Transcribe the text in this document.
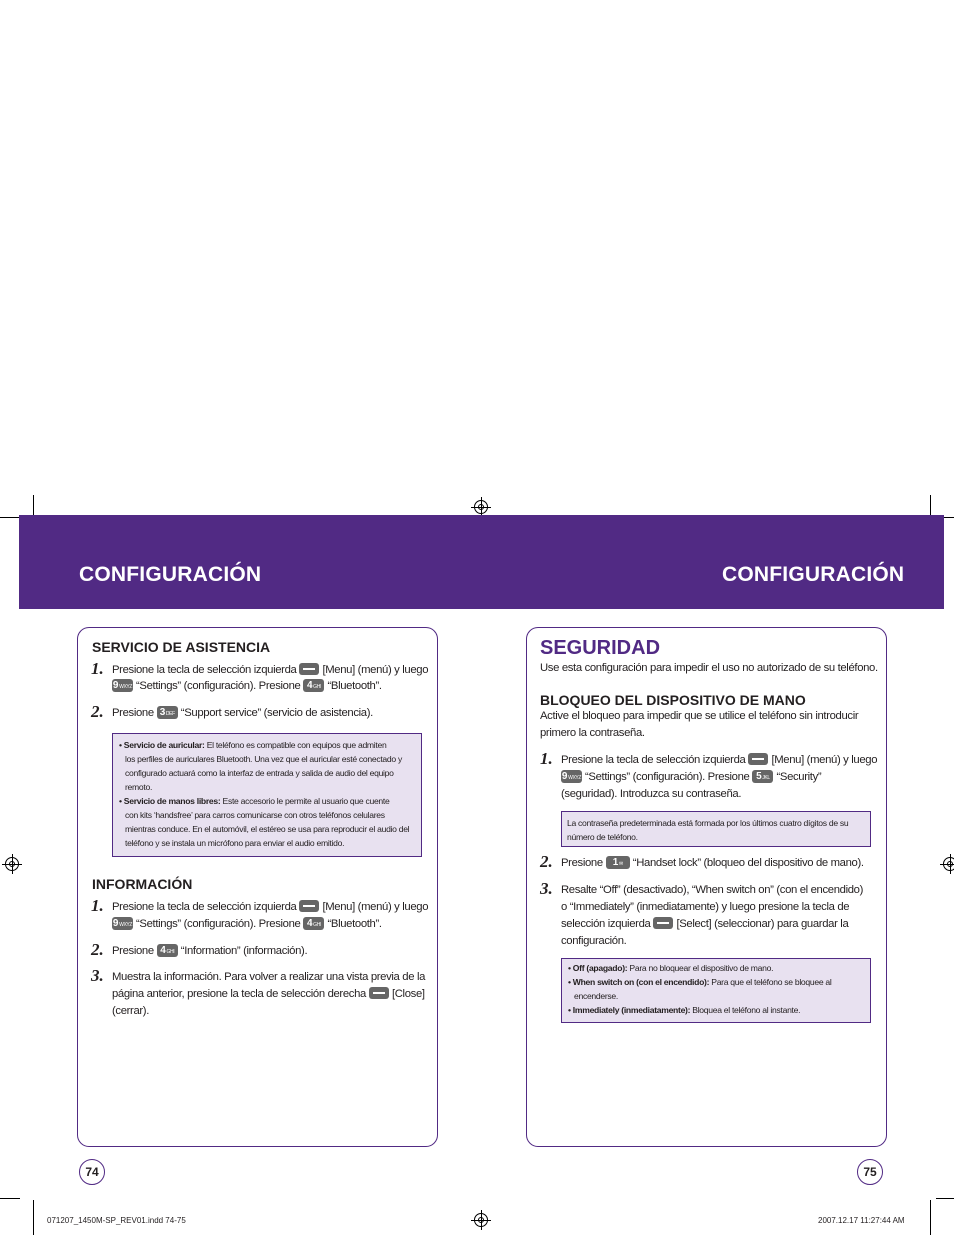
CONFIGURACIÓN	CONFIGURACIÓN
SERVICIO DE ASISTENCIA
1. Presione la tecla de selección izquierda [Menu] (menú) y luego
9WXYZ “Settings” (configuración). Presione 4GHI “Bluetooth”.
2. Presione 3DEF “Support service” (servicio de asistencia).
• Servicio de auricular: El teléfono es compatible con equipos que admiten
los perfiles de auriculares Bluetooth. Una vez que el auricular esté conectado y
configurado actuará como la interfaz de entrada y salida de audio del equipo
remoto.
• Servicio de manos libres: Este accesorio le permite al usuario que cuente
con kits ‘handsfree’ para carros comunicarse con otros teléfonos celulares
mientras conduce. En el automóvil, el estéreo se usa para reproducir el audio del
teléfono y se instala un micrófono para enviar el audio emitido.
INFORMACIÓN
1. Presione la tecla de selección izquierda [Menu] (menú) y luego
9WXYZ “Settings” (configuración). Presione 4GHI “Bluetooth”.
2. Presione 4GHI “Information” (información).
3. Muestra la información. Para volver a realizar una vista previa de la
página anterior, presione la tecla de selección derecha [Close]
(cerrar).
74
SEGURIDAD
Use esta configuración para impedir el uso no autorizado de su teléfono.
BLOQUEO DEL DISPOSITIVO DE MANO
Active el bloqueo para impedir que se utilice el teléfono sin introducir
primero la contraseña.
1. Presione la tecla de selección izquierda [Menu] (menú) y luego
9WXYZ “Settings” (configuración). Presione 5JKL “Security”
(seguridad). Introduzca su contraseña.
La contraseña predeterminada está formada por los últimos cuatro dígitos de su
número de teléfono.
2. Presione 1✉ “Handset lock” (bloqueo del dispositivo de mano).
3. Resalte “Off” (desactivado), “When switch on” (con el encendido)
o “Immediately” (inmediatamente) y luego presione la tecla de
selección izquierda [Select] (seleccionar) para guardar la
configuración.
• Off (apagado): Para no bloquear el dispositivo de mano.
• When switch on (con el encendido): Para que el teléfono se bloquee al
encenderse.
• Immediately (inmediatamente): Bloquea el teléfono al instante.
75
071207_1450M-SP_REV01.indd 74-75	2007.12.17 11:27:44 AM
